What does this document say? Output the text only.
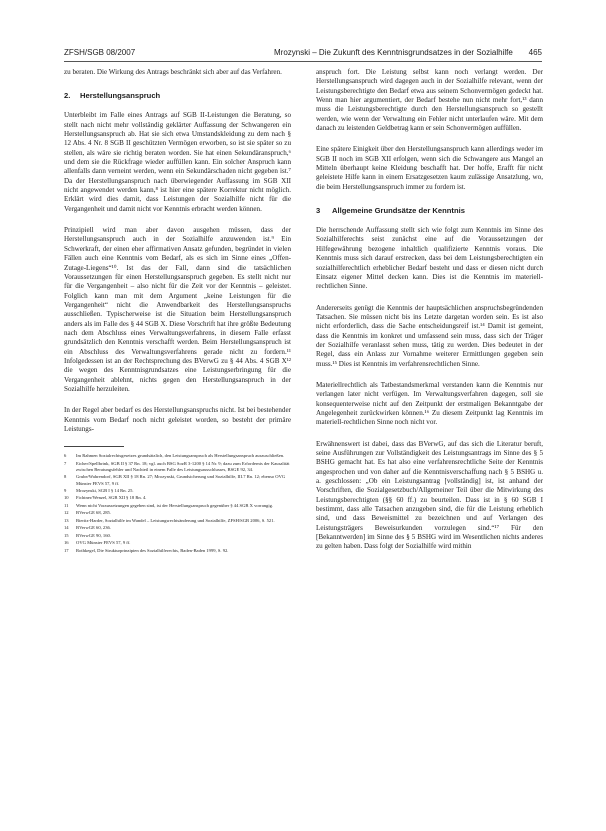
ZFSH/SGB 08/2007	Mrozynski – Die Zukunft des Kenntnisgrundsatzes in der Sozialhilfe 465

zu beraten. Die Wirkung des Antrags beschränkt sich aber auf das Verfahren.

2. Herstellungsanspruch

Unterbleibt im Falle eines Antrags auf SGB II-Leistungen die Beratung, so stellt nach nicht mehr vollständig geklärter Auffassung der Schwangeren ein Herstellungsanspruch ab. Hat sie sich etwa Umstandskleidung zu dem nach § 12 Abs. 4 Nr. 8 SGB II geschützten Vermögen erworben, so ist sie später so zu stellen, als wäre sie richtig beraten worden. Sie hat einen Sekundäranspruch,⁶ und dem sie die Rückfrage wieder auffüllen kann. Ein solcher Anspruch kann allenfalls dann verneint werden, wenn ein Sekundärschaden nicht gegeben ist.⁷ Da der Herstellungsanspruch nach überwiegender Auffassung im SGB XII nicht angewendet werden kann,⁸ ist hier eine spätere Korrektur nicht möglich. Erklärt wird dies damit, dass Leistungen der Sozialhilfe nicht für die Vergangenheit und damit nicht vor Kenntnis erbracht werden können.

Prinzipiell wird man aber davon ausgehen müssen, dass der Herstellungsanspruch auch in der Sozialhilfe anzuwenden ist.⁹ Ein Schwerkraft, der einen eher affirmativen Ansatz gefunden, begründet in vielen Fällen auch eine Kenntnis vom Bedarf, als es sich im Sinne eines „Offen-Zutage-Liegens“¹⁰. Ist das der Fall, dann sind die tatsächlichen Voraussetzungen für einen Herstellungsanspruch gegeben. Es stellt nicht nur für die Vergangenheit – also nicht für die Zeit vor der Kenntnis – geleistet. Folglich kann man mit dem Argument „keine Leistungen für die Vergangenheit“ nicht die Anwendbarkeit des Herstellungsanspruchs ausschließen. Typischerweise ist die Situation beim Herstellungsanspruch anders als im Falle des § 44 SGB X. Diese Vorschrift hat ihre größte Bedeutung nach dem Abschluss eines Verwaltungsverfahrens, in diesem Falle erfasst grundsätzlich den Kenntnis verschafft werden. Beim Herstellungsanspruch ist ein Abschluss des Verwaltungsverfahrens gerade nicht zu fordern.¹¹ Infolgedessen ist an der Rechtsprechung des BVerwG zu § 44 Abs. 4 SGB X¹² die wegen des Kenntnisgrundsatzes eine Leistungserbringung für die Vergangenheit ablehnt, nichts gegen den Herstellungsanspruch in der Sozialhilfe herzuleiten.

In der Regel aber bedarf es des Herstellungsanspruchs nicht. Ist bei bestehender Kenntnis vom Bedarf noch nicht geleistet worden, so besteht der primäre Leistungs-

6	Im Rahmen Sozialrechtsgesetzes grundsätzlich, den Leistungsanspruch als Herstellungsanspruch auszuschließen.
7	Eicher/Spellbrink, SGB II § 37 Rn. 18; vgl. auch BSG SozR 3-1200 § 14 Nr. 9; dazu zum Erfordernis der Kausalität zwischen Beratungsfehler und Nachteil in einem Falle des Leistungsausschlusses, BSGE 92, 34.
8	Grube/Wahrendorf, SGB XII § 18 Rn. 27; Mrozynski, Grundsicherung und Sozialhilfe, III.7 Rn. 12; ebenso OVG Münster FEVS 57, 9 ff.
9	Mrozynski, SGB I § 14 Rn. 25.
10	Fichtner/Wenzel, SGB XII § 18 Rn. 4.
11	Wenn nicht Voraussetzungen gegeben sind, ist der Herstellungsanspruch gegenüber § 44 SGB X vorrangig.
12	BVerwGE 68, 285.
13	Bieritz-Harder, Sozialhilfe im Wandel – Leistungsrechtsänderung und Sozialhilfe, ZFSH/SGB 2006, S. 521.
14	BVerwGE 60, 236.
15	BVerwGE 90, 160.
16	OVG Münster FEVS 57, 9 ff.
17	Rothkegel, Die Strukturprinzipien des Sozialhilferechts, Baden-Baden 1999, S. 92.

anspruch fort. Die Leistung selbst kann noch verlangt werden. Der Herstellungsanspruch wird dagegen auch in der Sozialhilfe relevant, wenn der Leistungsberechtigte den Bedarf etwa aus seinem Schonvermögen gedeckt hat. Wenn man hier argumentiert, der Bedarf bestehe nun nicht mehr fort,¹³ dann muss die Leistungsberechtigte durch den Herstellungsanspruch so gestellt werden, wie wenn der Verwaltung ein Fehler nicht unterlaufen wäre. Mit dem danach zu leistenden Geldbetrag kann er sein Schonvermögen auffüllen.

Eine spätere Einigkeit über den Herstellungsanspruch kann allerdings weder im SGB II noch im SGB XII erfolgen, wenn sich die Schwangere aus Mangel an Mitteln überhaupt keine Kleidung beschafft hat. Der hoffe, Erafft für nicht geleistete Hilfe kann in einem Ersatzgesetzen kaum zulässige Ansatzlung, wo, die beim Herstellungsanspruch immer zu fordern ist.

3 Allgemeine Grundsätze der Kenntnis

Die herrschende Auffassung stellt sich wie folgt zum Kenntnis im Sinne des Sozialhilferechts seist zunächst eine auf die Voraussetzungen der Hilfegewährung bezogene inhaltlich qualifizierte Kenntnis voraus. Die Kenntnis muss sich darauf erstrecken, dass bei dem Leistungsberechtigten ein sozialhilferechtlich erheblicher Bedarf besteht und dass er diesen nicht durch Einsatz eigener Mittel decken kann. Dies ist die Kenntnis im materiell-rechtlichen Sinne.

Andererseits genügt die Kenntnis der hauptsächlichen anspruchsbegründenden Tatsachen. Sie müssen nicht bis ins Letzte dargetan worden sein. Es ist also nicht erforderlich, dass die Sache entscheidungsreif ist.¹⁴ Damit ist gemeint, dass die Kenntnis im konkret und umfassend sein muss, dass sich der Träger der Sozialhilfe veranlasst sehen muss, tätig zu werden. Dies bedeutet in der Regel, dass ein Anlass zur Vornahme weiterer Ermittlungen gegeben sein muss.¹⁵ Dies ist Kenntnis im verfahrensrechtlichen Sinne.

Materiellrechtlich als Tatbestandsmerkmal verstanden kann die Kenntnis nur verlangen later nicht verfügen. Im Verwaltungsverfahren dagegen, soll sie konsequenterweise nicht auf den Zeitpunkt der erstmaligen Bekanntgabe der Angelegenheit zurückwirken können.¹⁶ Zu diesem Zeitpunkt lag Kenntnis im materiell-rechtlichen Sinne noch nicht vor.

Erwähnenswert ist dabei, dass das BVerwG, auf das sich die Literatur beruft, seine Ausführungen zur Vollständigkeit des Leistungsantrags im Sinne des § 5 BSHG gemacht hat. Es hat also eine verfahrensrechtliche Seite der Kenntnis angesprochen und von daher auf die Kenntnisverschaffung nach § 5 BSHG u. a. geschlossen: „Ob ein Leistungsantrag [vollständig] ist, ist anhand der Vorschriften, die Sozialgesetzbuch/Allgemeiner Teil über die Mitwirkung des Leistungsberechtigten (§§ 60 ff.) zu beurteilen. Dass ist in § 60 SGB I bestimmt, dass alle Tatsachen anzugeben sind, die für die Leistung erheblich sind, und dass Beweismittel zu bezeichnen und auf Verlangen des Leistungsträgers Beweisurkunden vorzulegen sind.“¹⁷ Für den [Bekanntwerden] im Sinne des § 5 BSHG wird im Wesentlichen nichts anderes zu gelten haben. Dass folgt der Sozialhilfe wird mithin
